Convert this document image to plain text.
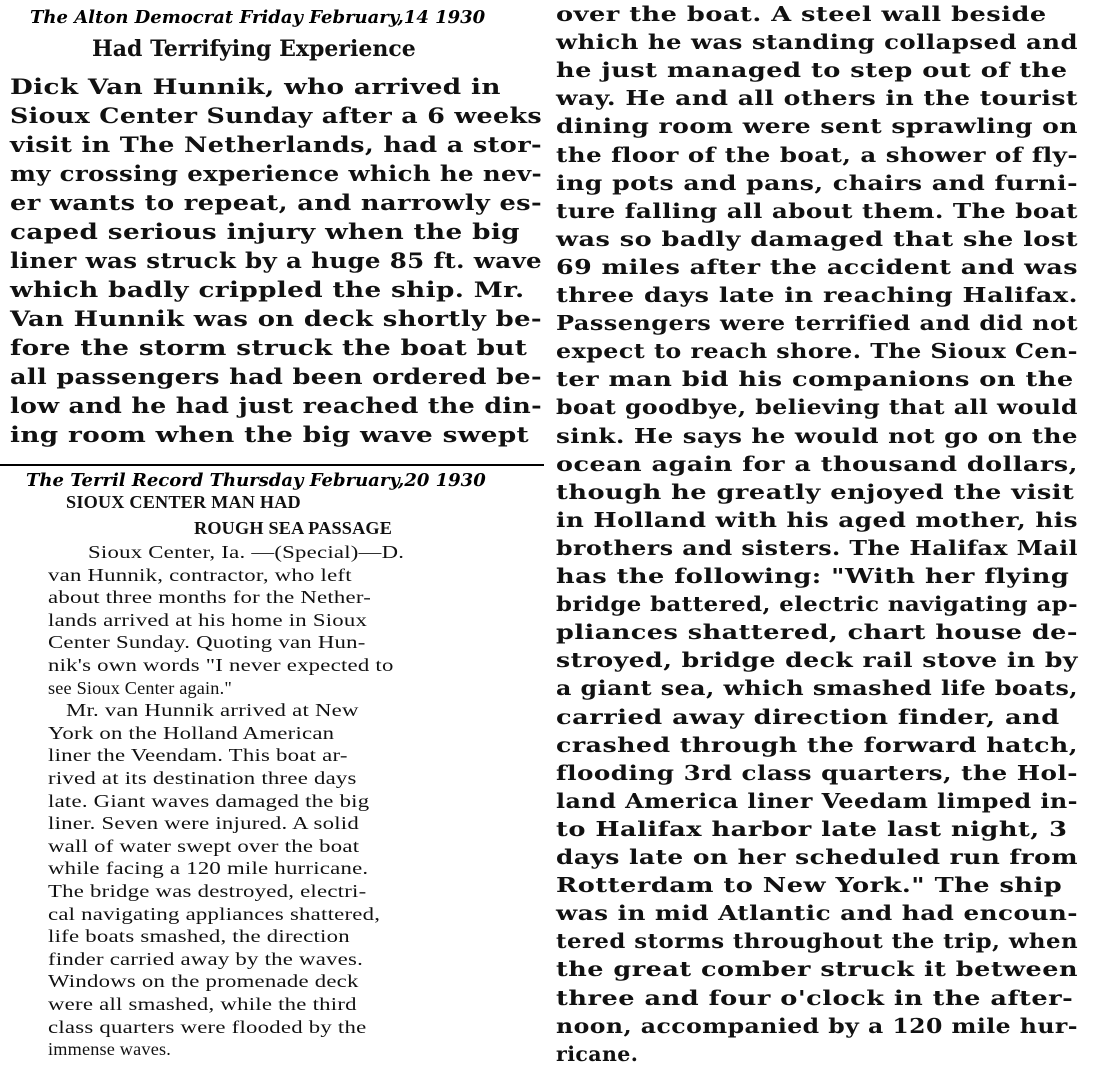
The Alton Democrat Friday February,14 1930
Had Terrifying Experience
Dick Van Hunnik, who arrived in
Sioux Center Sunday after a 6 weeks
visit in The Netherlands, had a stor-
my crossing experience which he nev-
er wants to repeat, and narrowly es-
caped serious injury when the big
liner was struck by a huge 85 ft. wave
which badly crippled the ship. Mr.
Van Hunnik was on deck shortly be-
fore the storm struck the boat but
all passengers had been ordered be-
low and he had just reached the din-
ing room when the big wave swept
The Terril Record Thursday February,20 1930
SIOUX CENTER MAN HAD
ROUGH SEA PASSAGE
Sioux Center, Ia. —(Special)—D.
van Hunnik, contractor, who left
about three months for the Nether-
lands arrived at his home in Sioux
Center Sunday. Quoting van Hun-
nik's own words "I never expected to
see Sioux Center again."
Mr. van Hunnik arrived at New
York on the Holland American
liner the Veendam. This boat ar-
rived at its destination three days
late. Giant waves damaged the big
liner. Seven were injured. A solid
wall of water swept over the boat
while facing a 120 mile hurricane.
The bridge was destroyed, electri-
cal navigating appliances shattered,
life boats smashed, the direction
finder carried away by the waves.
Windows on the promenade deck
were all smashed, while the third
class quarters were flooded by the
immense waves.
over the boat. A steel wall beside
which he was standing collapsed and
he just managed to step out of the
way. He and all others in the tourist
dining room were sent sprawling on
the floor of the boat, a shower of fly-
ing pots and pans, chairs and furni-
ture falling all about them. The boat
was so badly damaged that she lost
69 miles after the accident and was
three days late in reaching Halifax.
Passengers were terrified and did not
expect to reach shore. The Sioux Cen-
ter man bid his companions on the
boat goodbye, believing that all would
sink. He says he would not go on the
ocean again for a thousand dollars,
though he greatly enjoyed the visit
in Holland with his aged mother, his
brothers and sisters. The Halifax Mail
has the following: "With her flying
bridge battered, electric navigating ap-
pliances shattered, chart house de-
stroyed, bridge deck rail stove in by
a giant sea, which smashed life boats,
carried away direction finder, and
crashed through the forward hatch,
flooding 3rd class quarters, the Hol-
land America liner Veedam limped in-
to Halifax harbor late last night, 3
days late on her scheduled run from
Rotterdam to New York." The ship
was in mid Atlantic and had encoun-
tered storms throughout the trip, when
the great comber struck it between
three and four o'clock in the after-
noon, accompanied by a 120 mile hur-
ricane.
